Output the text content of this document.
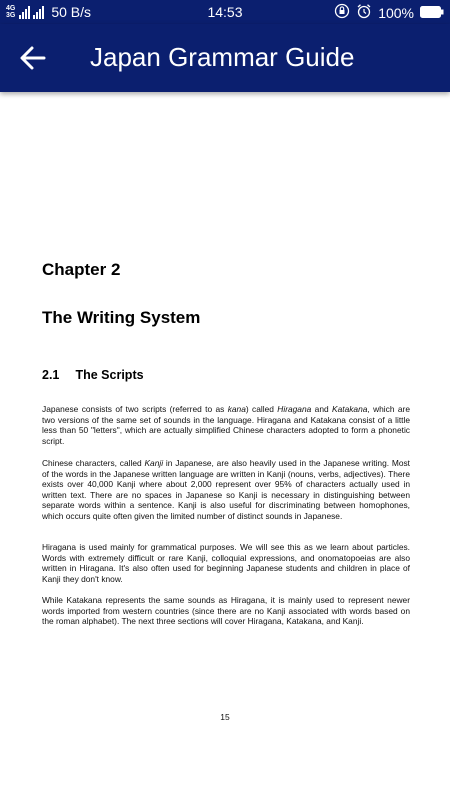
4G
3G	50 B/s	14:53	100%
Japan Grammar Guide
Chapter 2
The Writing System
2.1 The Scripts
Japanese consists of two scripts (referred to as kana) called Hiragana and Katakana, which are two versions of the same set of sounds in the language. Hiragana and Katakana consist of a little less than 50 "letters", which are actually simplified Chinese characters adopted to form a phonetic script.
Chinese characters, called Kanji in Japanese, are also heavily used in the Japanese writing. Most of the words in the Japanese written language are written in Kanji (nouns, verbs, adjectives). There exists over 40,000 Kanji where about 2,000 represent over 95% of characters actually used in written text. There are no spaces in Japanese so Kanji is necessary in distinguishing between separate words within a sentence. Kanji is also useful for discriminating between homophones, which occurs quite often given the limited number of distinct sounds in Japanese.
Hiragana is used mainly for grammatical purposes. We will see this as we learn about particles. Words with extremely difficult or rare Kanji, colloquial expressions, and onomatopoeias are also written in Hiragana. It's also often used for beginning Japanese students and children in place of Kanji they don't know.
While Katakana represents the same sounds as Hiragana, it is mainly used to represent newer words imported from western countries (since there are no Kanji associated with words based on the roman alphabet). The next three sections will cover Hiragana, Katakana, and Kanji.
15
